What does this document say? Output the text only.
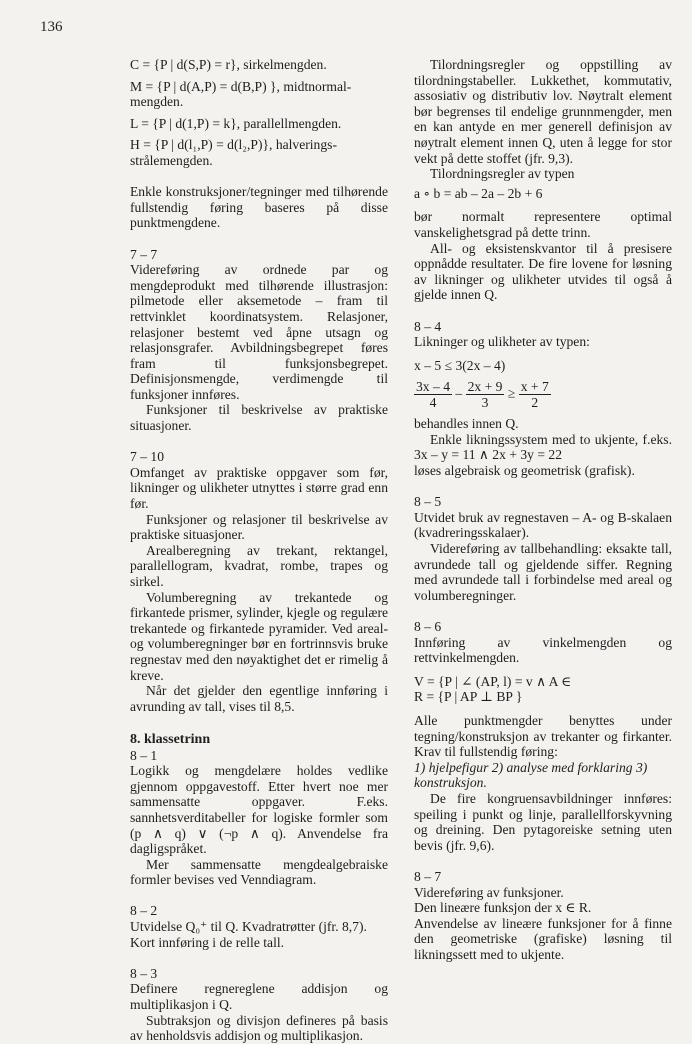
136

C = {P | d(S,P) = r}, sirkelmengden.

M = {P | d(A,P) = d(B,P) }, midtnormal-

mengden.

L = {P | d(1,P) = k}, parallellmengden.

H = {P | d(l₁,P) = d(l₂,P)}, halverings-

strålemengden.

Enkle konstruksjoner/tegninger med tilhørende fullstendig føring baseres på disse punktmengdene.

7 – 7

Videreføring av ordnede par og mengdeprodukt med tilhørende illustrasjon: pilmetode eller aksemetode – fram til rettvinklet koordinatsystem. Relasjoner, relasjoner bestemt ved åpne utsagn og relasjonsgrafer. Avbildningsbegrepet føres fram til funksjonsbegrepet. Definisjonsmengde, verdimengde til funksjoner innføres.

Funksjoner til beskrivelse av praktiske situasjoner.

7 – 10

Omfanget av praktiske oppgaver som før, likninger og ulikheter utnyttes i større grad enn før.

Funksjoner og relasjoner til beskrivelse av praktiske situasjoner.

Arealberegning av trekant, rektangel, parallellogram, kvadrat, rombe, trapes og sirkel.

Volumberegning av trekantede og firkantede prismer, sylinder, kjegle og regulære trekantede og firkantede pyramider. Ved areal- og volumberegninger bør en fortrinnsvis bruke regnestav med den nøyaktighet det er rimelig å kreve.

Når det gjelder den egentlige innføring i avrunding av tall, vises til 8,5.

8. klassetrinn

8 – 1

Logikk og mengdelære holdes vedlike gjennom oppgavestoff. Etter hvert noe mer sammensatte oppgaver. F.eks. sannhetsverditabeller for logiske formler som (p ∧ q) ∨ (¬p ∧ q). Anvendelse fra dagligspråket.

Mer sammensatte mengdealgebraiske formler bevises ved Venndiagram.

8 – 2

Utvidelse Q₀⁺ til Q. Kvadratrøtter (jfr. 8,7).

Kort innføring i de relle tall.

8 – 3

Definere regnereglene addisjon og multiplikasjon i Q.

Subtraksjon og divisjon defineres på basis av henholdsvis addisjon og multiplikasjon.

Tilordningsregler og oppstilling av tilordningstabeller. Lukkethet, kommutativ, assosiativ og distributiv lov. Nøytralt element bør begrenses til endelige grunnmengder, men en kan antyde en mer generell definisjon av nøytralt element innen Q, uten å legge for stor vekt på dette stoffet (jfr. 9,3).

Tilordningsregler av typen

a ∘ b = ab – 2a – 2b + 6

bør normalt representere optimal vanskelighetsgrad på dette trinn.

All- og eksistenskvantor til å presisere oppnådde resultater. De fire lovene for løsning av likninger og ulikheter utvides til også å gjelde innen Q.

8 – 4

Likninger og ulikheter av typen:

x – 5 ≤ 3(2x – 4)

$\frac{3x - 4}{4} - \frac{2x + 9}{3} \ge \frac{x + 7}{2}$

behandles innen Q.

Enkle likningssystem med to ukjente, f.eks. 3x – y = 11 ∧ 2x + 3y = 22

løses algebraisk og geometrisk (grafisk).

8 – 5

Utvidet bruk av regnestaven – A- og B-skalaen (kvadreringsskalaer).

Videreføring av tallbehandling: eksakte tall, avrundede tall og gjeldende siffer. Regning med avrundede tall i forbindelse med areal og volumberegninger.

8 – 6

Innføring av vinkelmengden og rettvinkelmengden.

V = {P | ∠ (AP, l) = v ∧ A ∈

R = {P | AP ⊥ BP }

Alle punktmengder benyttes under tegning/konstruksjon av trekanter og firkanter. Krav til fullstendig føring:

1) hjelpefigur 2) analyse med forklaring 3) konstruksjon.

De fire kongruensavbildninger innføres: speiling i punkt og linje, parallellforskyvning og dreining. Den pytagoreiske setning uten bevis (jfr. 9,6).

8 – 7

Videreføring av funksjoner.

Den lineære funksjon der x ∈ R.

Anvendelse av lineære funksjoner for å finne den geometriske (grafiske) løsning til likningssett med to ukjente.
